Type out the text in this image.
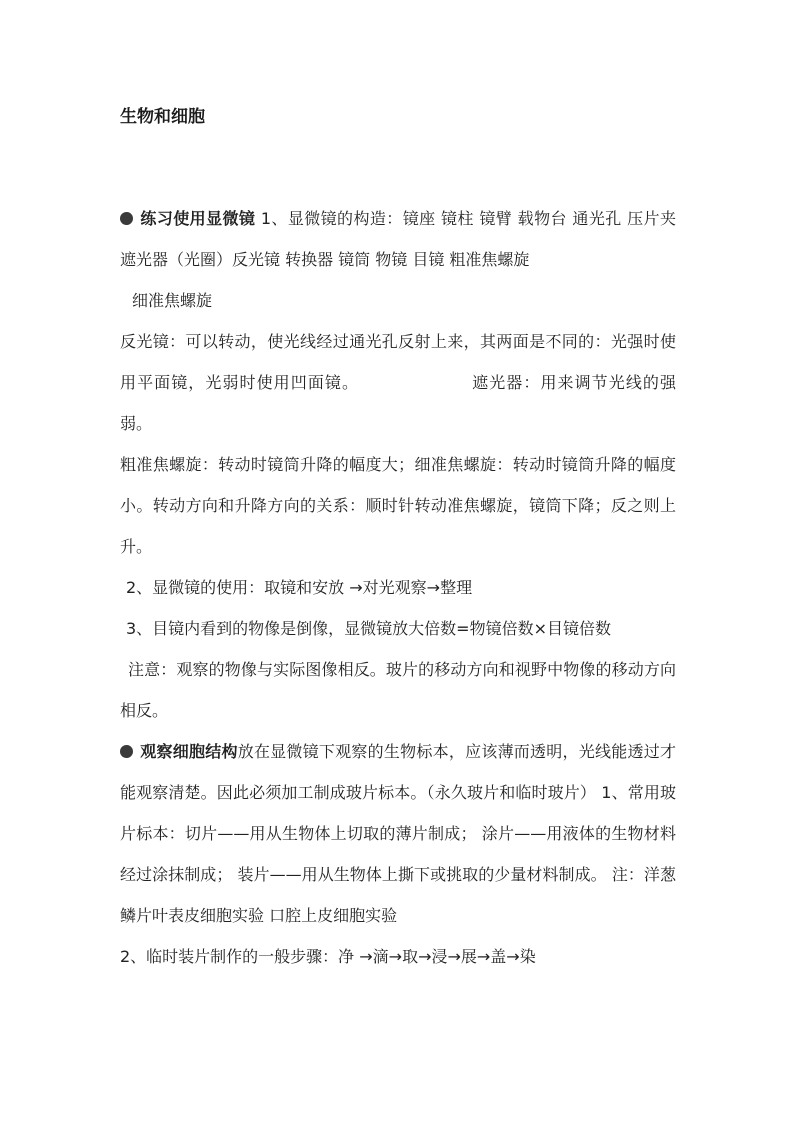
生物和细胞

练习使用显微镜 1、显微镜的构造：镜座 镜柱 镜臂 载物台 通光孔 压片夹 遮光器（光圈）反光镜 转换器 镜筒 物镜 目镜 粗准焦螺旋

细准焦螺旋

反光镜：可以转动，使光线经过通光孔反射上来，其两面是不同的：光强时使用平面镜，光弱时使用凹面镜。	遮光器：用来调节光线的强弱。

粗准焦螺旋：转动时镜筒升降的幅度大；细准焦螺旋：转动时镜筒升降的幅度小。转动方向和升降方向的关系：顺时针转动准焦螺旋，镜筒下降；反之则上升。

2、显微镜的使用：取镜和安放 →对光观察→整理

3、目镜内看到的物像是倒像，显微镜放大倍数=物镜倍数×目镜倍数

注意：观察的物像与实际图像相反。玻片的移动方向和视野中物像的移动方向相反。

观察细胞结构放在显微镜下观察的生物标本，应该薄而透明，光线能透过才能观察清楚。因此必须加工制成玻片标本。（永久玻片和临时玻片） 1、常用玻片标本：切片——用从生物体上切取的薄片制成； 涂片——用液体的生物材料经过涂抹制成； 装片——用从生物体上撕下或挑取的少量材料制成。 注：洋葱鳞片叶表皮细胞实验 口腔上皮细胞实验

2、临时装片制作的一般步骤：净 →滴→取→浸→展→盖→染
